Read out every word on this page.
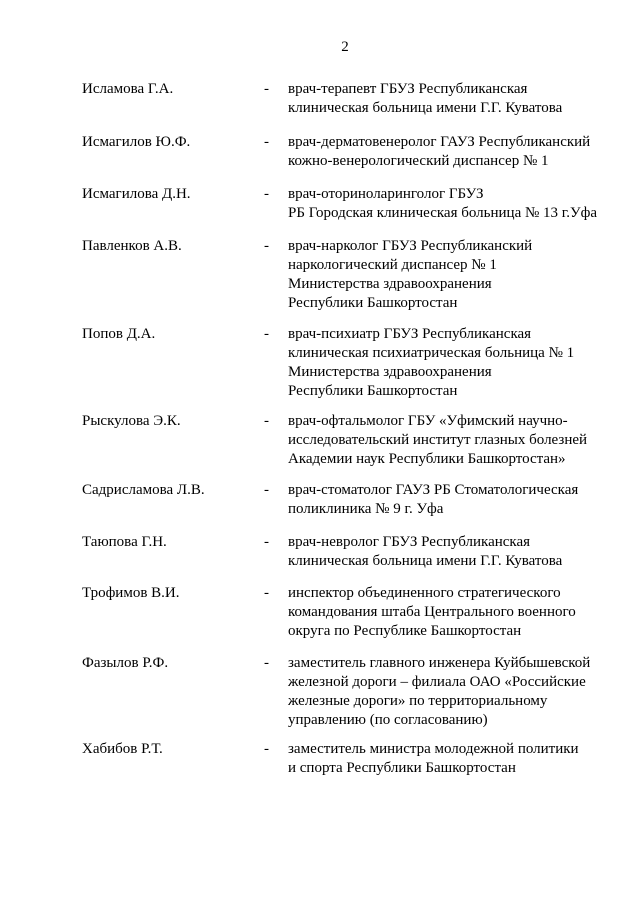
2
Исламова Г.А.	- врач-терапевт ГБУЗ Республиканская
клиническая больница имени Г.Г. Куватова
Исмагилов Ю.Ф.	- врач-дерматовенеролог ГАУЗ Республиканский
кожно-венерологический диспансер № 1
Исмагилова Д.Н.	- врач-оториноларинголог ГБУЗ
РБ Городская клиническая больница № 13 г.Уфа
Павленков А.В.	- врач-нарколог ГБУЗ Республиканский
наркологический диспансер № 1
Министерства здравоохранения
Республики Башкортостан
Попов Д.А.	- врач-психиатр ГБУЗ Республиканская
клиническая психиатрическая больница № 1
Министерства здравоохранения
Республики Башкортостан
Рыскулова Э.К.	- врач-офтальмолог ГБУ «Уфимский научно-
исследовательский институт глазных болезней
Академии наук Республики Башкортостан»
Садрисламова Л.В.	- врач-стоматолог ГАУЗ РБ Стоматологическая
поликлиника № 9 г. Уфа
Таюпова Г.Н.	- врач-невролог ГБУЗ Республиканская
клиническая больница имени Г.Г. Куватова
Трофимов В.И.	- инспектор объединенного стратегического
командования штаба Центрального военного
округа по Республике Башкортостан
Фазылов Р.Ф.	- заместитель главного инженера Куйбышевской
железной дороги – филиала ОАО «Российские
железные дороги» по территориальному
управлению (по согласованию)
Хабибов Р.Т.	- заместитель министра молодежной политики
и спорта Республики Башкортостан
